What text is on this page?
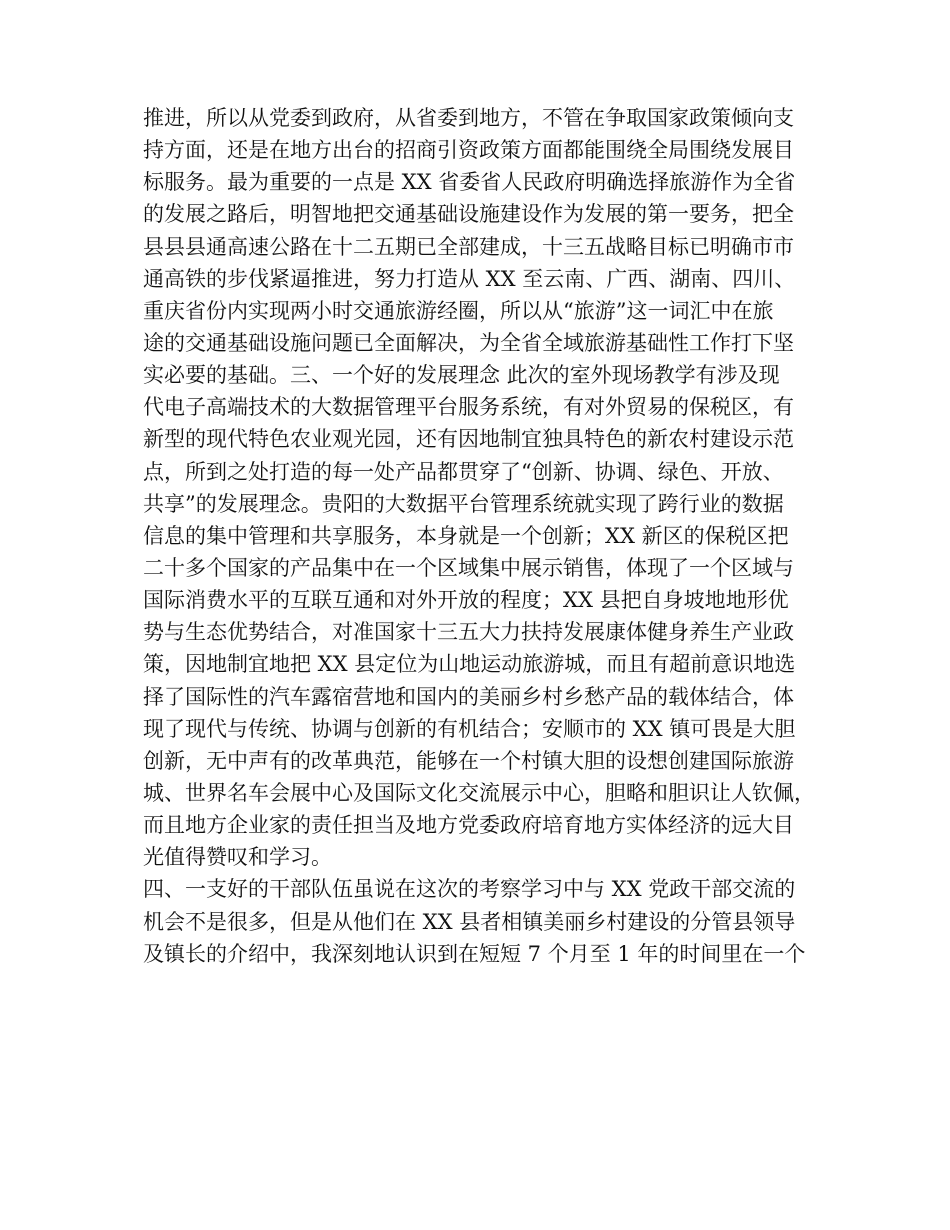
推进，所以从党委到政府，从省委到地方，不管在争取国家政策倾向支
持方面，还是在地方出台的招商引资政策方面都能围绕全局围绕发展目
标服务。最为重要的一点是 XX 省委省人民政府明确选择旅游作为全省
的发展之路后，明智地把交通基础设施建设作为发展的第一要务，把全
县县县通高速公路在十二五期已全部建成，十三五战略目标已明确市市
通高铁的步伐紧逼推进，努力打造从 XX 至云南、广西、湖南、四川、
重庆省份内实现两小时交通旅游经圈，所以从“旅游”这一词汇中在旅
途的交通基础设施问题已全面解决，为全省全域旅游基础性工作打下坚
实必要的基础。三、一个好的发展理念 此次的室外现场教学有涉及现
代电子高端技术的大数据管理平台服务系统，有对外贸易的保税区，有
新型的现代特色农业观光园，还有因地制宜独具特色的新农村建设示范
点，所到之处打造的每一处产品都贯穿了“创新、协调、绿色、开放、
共享”的发展理念。贵阳的大数据平台管理系统就实现了跨行业的数据
信息的集中管理和共享服务，本身就是一个创新；XX 新区的保税区把
二十多个国家的产品集中在一个区域集中展示销售，体现了一个区域与
国际消费水平的互联互通和对外开放的程度；XX 县把自身坡地地形优
势与生态优势结合，对准国家十三五大力扶持发展康体健身养生产业政
策，因地制宜地把 XX 县定位为山地运动旅游城，而且有超前意识地选
择了国际性的汽车露宿营地和国内的美丽乡村乡愁产品的载体结合，体
现了现代与传统、协调与创新的有机结合；安顺市的 XX 镇可畏是大胆
创新，无中声有的改革典范，能够在一个村镇大胆的设想创建国际旅游
城、世界名车会展中心及国际文化交流展示中心，胆略和胆识让人钦佩，
而且地方企业家的责任担当及地方党委政府培育地方实体经济的远大目
光值得赞叹和学习。
四、一支好的干部队伍虽说在这次的考察学习中与 XX 党政干部交流的
机会不是很多，但是从他们在 XX 县者相镇美丽乡村建设的分管县领导
及镇长的介绍中，我深刻地认识到在短短 7 个月至 1 年的时间里在一个
